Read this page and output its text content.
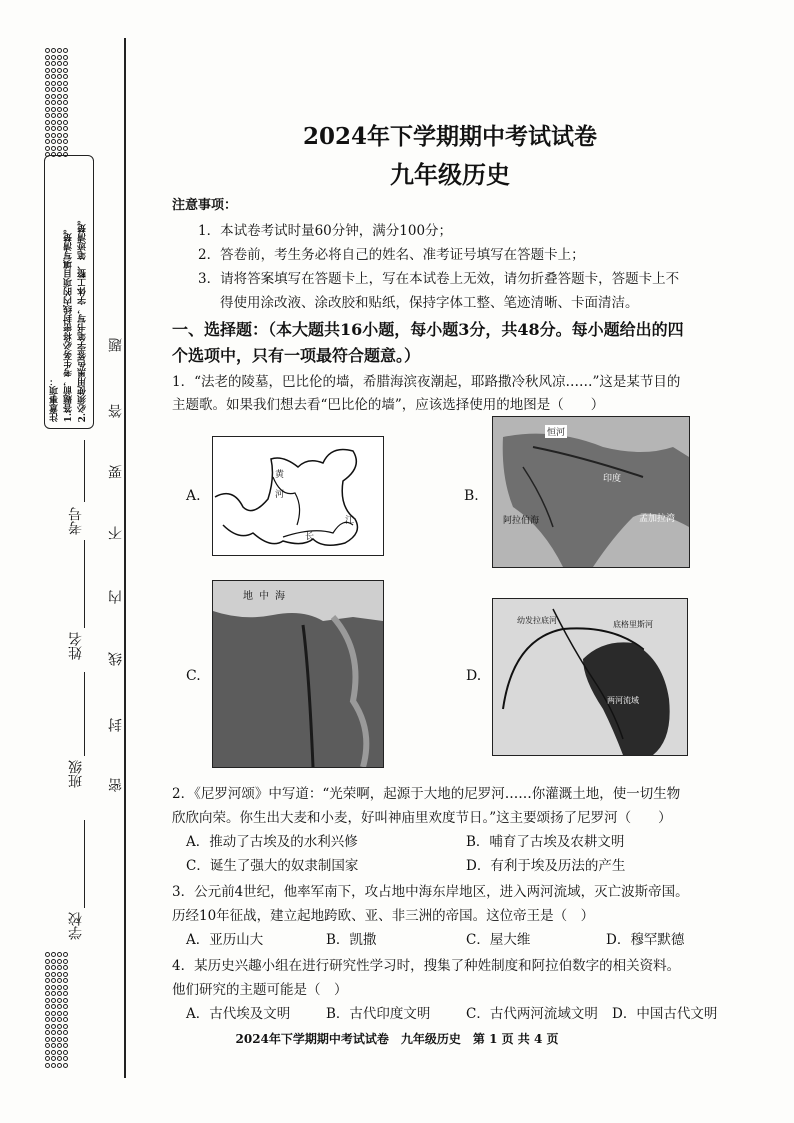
注意事项： 1.答题前，考生务必将密封线内的项目填写清楚。 2.必须使用黑色签字笔书写，字体工整、笔迹清楚。
密
封
线
内
不
要
答
题
学校
班级
姓名
考号
2024年下学期期中考试试卷
九年级历史
注意事项：
1．本试卷考试时量60分钟，满分100分；
2．答卷前，考生务必将自己的姓名、准考证号填写在答题卡上；
3．请将答案填写在答题卡上，写在本试卷上无效，请勿折叠答题卡，答题卡上不
得使用涂改液、涂改胶和贴纸，保持字体工整、笔迹清晰、卡面清洁。
一、选择题：（本大题共16小题，每小题3分，共48分。每小题给出的四
个选项中，只有一项最符合题意。）
1．“法老的陵墓，巴比伦的墙，希腊海滨夜潮起，耶路撒冷秋风凉……”这是某节目的
主题歌。如果我们想去看“巴比伦的墙”，应该选择使用的地图是（　　）
A.
黄
河
长
江
B.
恒河
印度
阿拉伯海	孟加拉湾
C.
地中海
D.
幼发拉底河	底格里斯河
两河流域
2．《尼罗河颂》中写道：“光荣啊，起源于大地的尼罗河……你灌溉土地，使一切生物
欣欣向荣。你生出大麦和小麦，好叫神庙里欢度节日。”这主要颂扬了尼罗河（　　）
A．推动了古埃及的水利兴修	B．哺育了古埃及农耕文明
C．诞生了强大的奴隶制国家	D．有利于埃及历法的产生
3．公元前4世纪，他率军南下，攻占地中海东岸地区，进入两河流域，灭亡波斯帝国。
历经10年征战，建立起地跨欧、亚、非三洲的帝国。这位帝王是（　）
A．亚历山大	B．凯撒	C．屋大维	D．穆罕默德
4．某历史兴趣小组在进行研究性学习时，搜集了种姓制度和阿拉伯数字的相关资料。
他们研究的主题可能是（　）
A．古代埃及文明	B．古代印度文明	C．古代两河流域文明 D．中国古代文明
2024年下学期期中考试试卷　九年级历史　第 1 页 共 4 页
